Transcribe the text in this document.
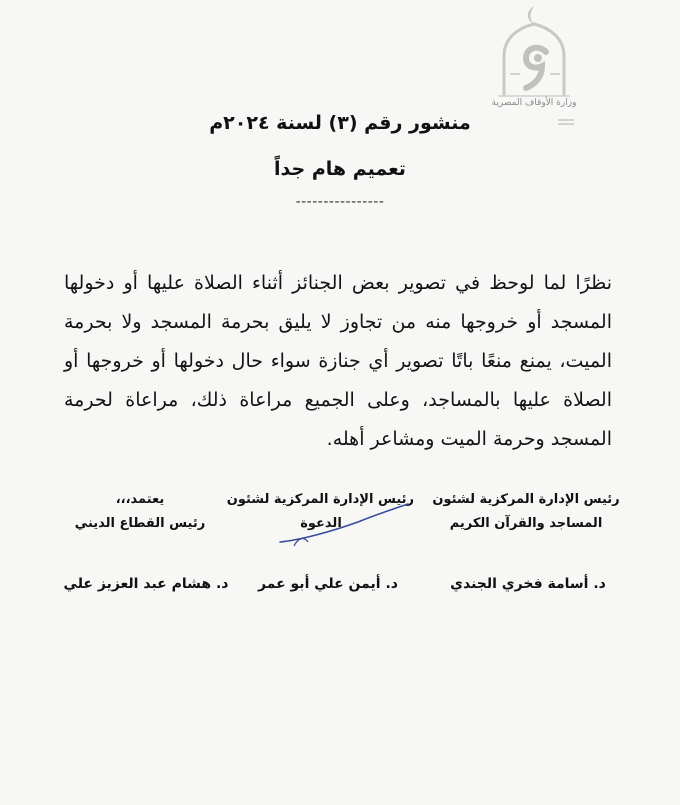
وزارة الأوقاف المصرية
منشور رقم (٣) لسنة ٢٠٢٤م
تعميم هام جداً
----------------
نظرًا لما لوحظ في تصوير بعض الجنائز أثناء الصلاة عليها أو دخولها المسجد أو خروجها منه من تجاوز لا يليق بحرمة المسجد ولا بحرمة الميت، يمنع منعًا باتًا تصوير أي جنازة سواء حال دخولها أو خروجها أو الصلاة عليها بالمساجد، وعلى الجميع مراعاة ذلك، مراعاة لحرمة المسجد وحرمة الميت ومشاعر أهله.
رئيس الإدارة المركزية لشئون
المساجد والقرآن الكريم
رئيس الإدارة المركزية لشئون
الدعوة
يعتمد،،،
رئيس القطاع الديني
د. أسامة فخري الجندي
د. أيمن علي أبو عمر
د. هشام عبد العزيز علي
